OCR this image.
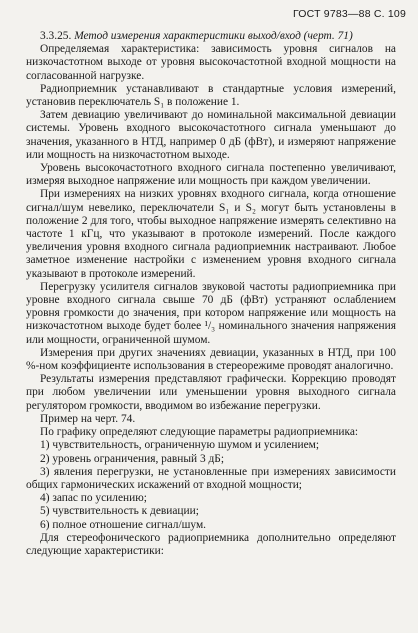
ГОСТ 9783—88 С. 109

3.3.25. Метод измерения характеристики выход/вход (черт. 71)

Определяемая характеристика: зависимость уровня сигналов на низкочастотном выходе от уровня высокочастотной входной мощности на согласованной нагрузке.

Радиоприемник устанавливают в стандартные условия измерений, установив переключатель S₁ в положение 1.

Затем девиацию увеличивают до номинальной максимальной девиации системы. Уровень входного высокочастотного сигнала уменьшают до значения, указанного в НТД, например 0 дБ (фВт), и измеряют напряжение или мощность на низкочастотном выходе.

Уровень высокочастотного входного сигнала постепенно увеличивают, измеряя выходное напряжение или мощность при каждом увеличении.

При измерениях на низких уровнях входного сигнала, когда отношение сигнал/шум невелико, переключатели S₁ и S₂ могут быть установлены в положение 2 для того, чтобы выходное напряжение измерять селективно на частоте 1 кГц, что указывают в протоколе измерений. После каждого увеличения уровня входного сигнала радиоприемник настраивают. Любое заметное изменение настройки с изменением уровня входного сигнала указывают в протоколе измерений.

Перегрузку усилителя сигналов звуковой частоты радиоприемника при уровне входного сигнала свыше 70 дБ (фВт) устраняют ослаблением уровня громкости до значения, при котором напряжение или мощность на низкочастотном выходе будет более ¹/₃ номинального значения напряжения или мощности, ограниченной шумом.

Измерения при других значениях девиации, указанных в НТД, при 100 %-ном коэффициенте использования в стереорежиме проводят аналогично.

Результаты измерения представляют графически. Коррекцию проводят при любом увеличении или уменьшении уровня выходного сигнала регулятором громкости, вводимом во избежание перегрузки.

Пример на черт. 74.

По графику определяют следующие параметры радиоприемника:

1) чувствительность, ограниченную шумом и усилением;

2) уровень ограничения, равный 3 дБ;

3) явления перегрузки, не установленные при измерениях зависимости общих гармонических искажений от входной мощности;

4) запас по усилению;

5) чувствительность к девиации;

6) полное отношение сигнал/шум.

Для стереофонического радиоприемника дополнительно определяют следующие характеристики:
